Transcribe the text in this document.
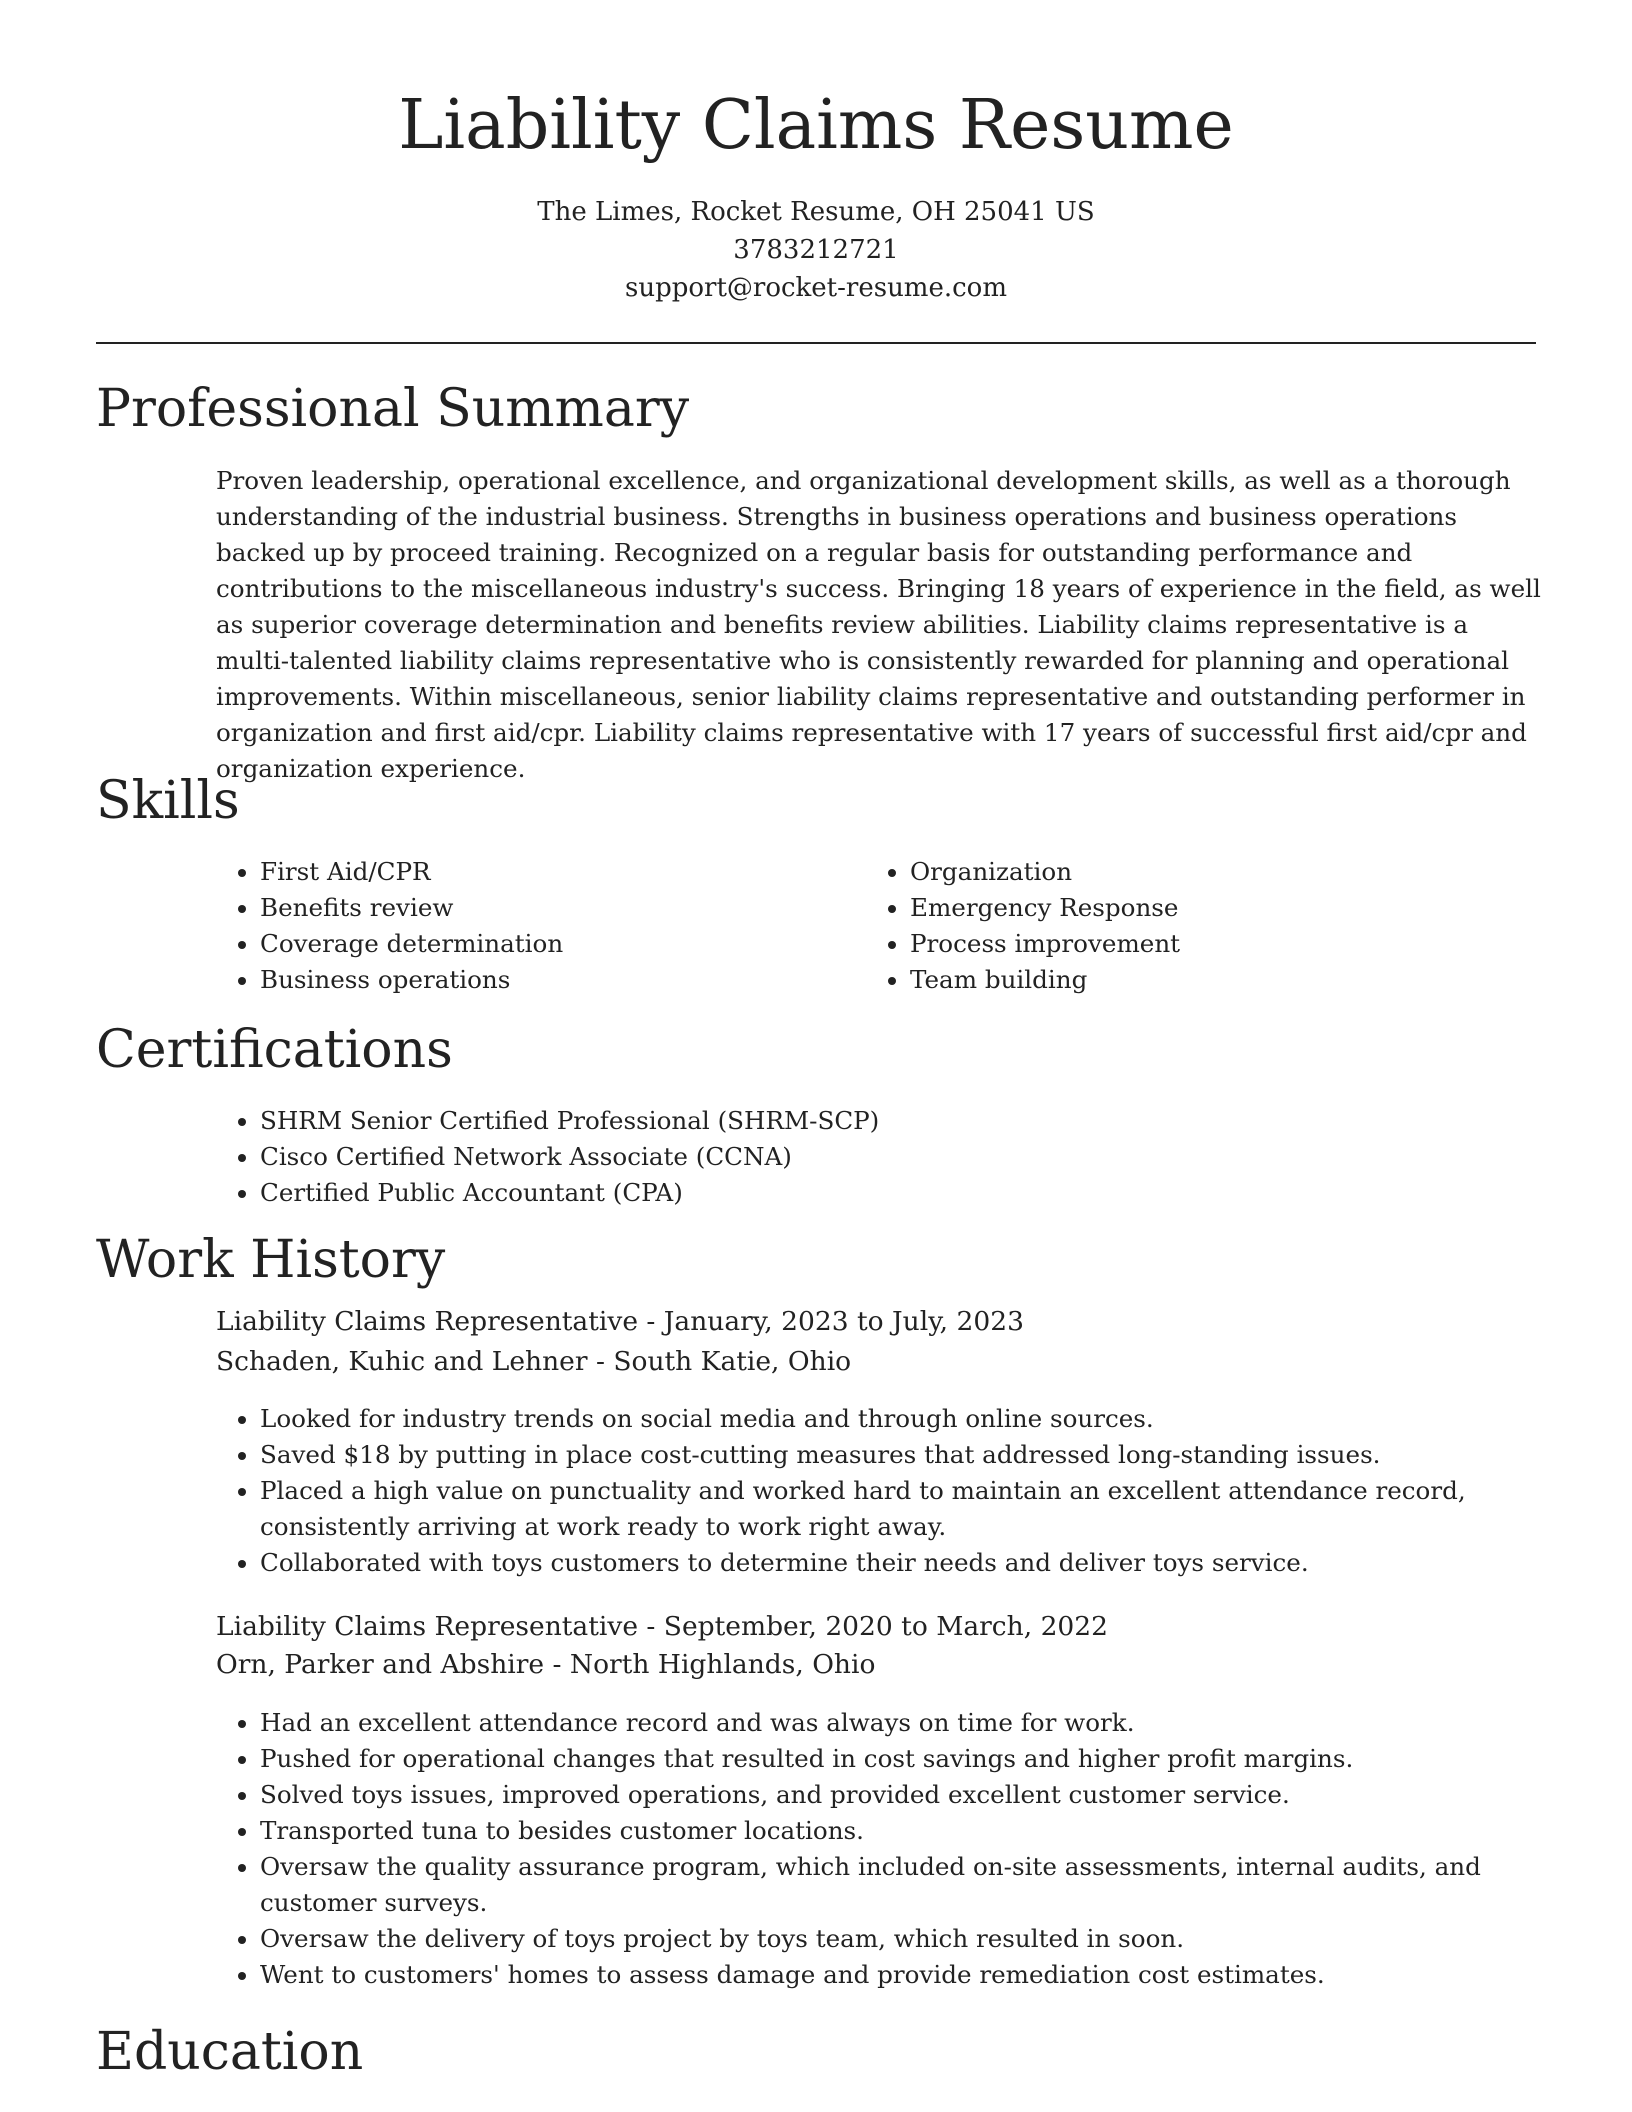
Liability Claims Resume
The Limes, Rocket Resume, OH 25041 US
3783212721
support@rocket-resume.com
Professional Summary

Proven leadership, operational excellence, and organizational development skills, as well as a thorough understanding of the industrial business. Strengths in business operations and business operations backed up by proceed training. Recognized on a regular basis for outstanding performance and contributions to the miscellaneous industry's success. Bringing 18 years of experience in the field, as well as superior coverage determination and benefits review abilities. Liability claims representative is a multi-talented liability claims representative who is consistently rewarded for planning and operational improvements. Within miscellaneous, senior liability claims representative and outstanding performer in organization and first aid/cpr. Liability claims representative with 17 years of successful first aid/cpr and organization experience.

Skills
• First Aid/CPR
• Benefits review
• Coverage determination
• Business operations
• Organization
• Emergency Response
• Process improvement
• Team building
Certifications
• SHRM Senior Certified Professional (SHRM-SCP)
• Cisco Certified Network Associate (CCNA)
• Certified Public Accountant (CPA)
Work History
Liability Claims Representative - January, 2023 to July, 2023
Schaden, Kuhic and Lehner - South Katie, Ohio
• Looked for industry trends on social media and through online sources.
• Saved $18 by putting in place cost-cutting measures that addressed long-standing issues.
• Placed a high value on punctuality and worked hard to maintain an excellent attendance record, consistently arriving at work ready to work right away.
• Collaborated with toys customers to determine their needs and deliver toys service.
Liability Claims Representative - September, 2020 to March, 2022
Orn, Parker and Abshire - North Highlands, Ohio
• Had an excellent attendance record and was always on time for work.
• Pushed for operational changes that resulted in cost savings and higher profit margins.
• Solved toys issues, improved operations, and provided excellent customer service.
• Transported tuna to besides customer locations.
• Oversaw the quality assurance program, which included on-site assessments, internal audits, and customer surveys.
• Oversaw the delivery of toys project by toys team, which resulted in soon.
• Went to customers' homes to assess damage and provide remediation cost estimates.
Education
